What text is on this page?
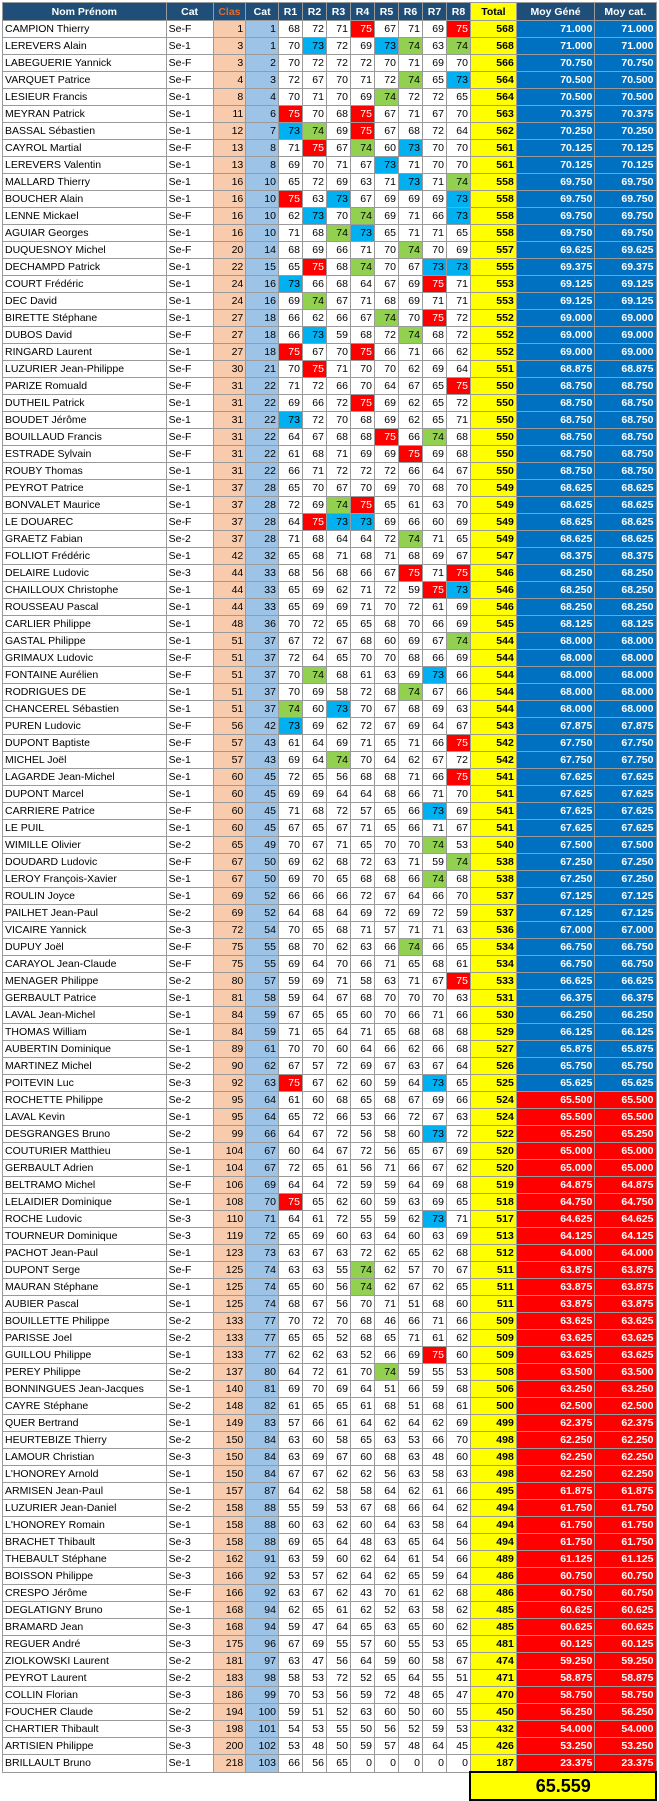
Nom Prénom	Cat	Clas	Cat	R1	R2	R3	R4	R5	R6	R7	R8	Total	Moy Géné	Moy cat.
CAMPION Thierry	Se-F	1	1	68	72	71	75	67	71	69	75	568	71.000	71.000
LEREVERS Alain	Se-1	3	1	70	73	72	69	73	74	63	74	568	71.000	71.000
LABEGUERIE Yannick	Se-F	3	2	70	72	72	72	70	71	69	70	566	70.750	70.750
VARQUET Patrice	Se-F	4	3	72	67	70	71	72	74	65	73	564	70.500	70.500
LESIEUR Francis	Se-1	8	4	70	71	70	69	74	72	72	65	564	70.500	70.500
MEYRAN Patrick	Se-1	11	6	75	70	68	75	67	71	67	70	563	70.375	70.375
BASSAL Sébastien	Se-1	12	7	73	74	69	75	67	68	72	64	562	70.250	70.250
CAYROL Martial	Se-F	13	8	71	75	67	74	60	73	70	70	561	70.125	70.125
LEREVERS Valentin	Se-1	13	8	69	70	71	67	73	71	70	70	561	70.125	70.125
MALLARD Thierry	Se-1	16	10	65	72	69	63	71	73	71	74	558	69.750	69.750
BOUCHER Alain	Se-1	16	10	75	63	73	67	69	69	69	73	558	69.750	69.750
LENNE Mickael	Se-F	16	10	62	73	70	74	69	71	66	73	558	69.750	69.750
AGUIAR Georges	Se-1	16	10	71	68	74	73	65	71	71	65	558	69.750	69.750
DUQUESNOY Michel	Se-F	20	14	68	69	66	71	70	74	70	69	557	69.625	69.625
DECHAMPD Patrick	Se-1	22	15	65	75	68	74	70	67	73	73	555	69.375	69.375
COURT Frédéric	Se-1	24	16	73	66	68	64	67	69	75	71	553	69.125	69.125
DEC David	Se-1	24	16	69	74	67	71	68	69	71	71	553	69.125	69.125
BIRETTE Stéphane	Se-1	27	18	66	62	66	67	74	70	75	72	552	69.000	69.000
DUBOS David	Se-F	27	18	66	73	59	68	72	74	68	72	552	69.000	69.000
RINGARD Laurent	Se-1	27	18	75	67	70	75	66	71	66	62	552	69.000	69.000
LUZURIER Jean-Philippe	Se-F	30	21	70	75	71	70	70	62	69	64	551	68.875	68.875
PARIZE Romuald	Se-F	31	22	71	72	66	70	64	67	65	75	550	68.750	68.750
DUTHEIL Patrick	Se-1	31	22	69	66	72	75	69	62	65	72	550	68.750	68.750
BOUDET Jérôme	Se-1	31	22	73	72	70	68	69	62	65	71	550	68.750	68.750
BOUILLAUD Francis	Se-F	31	22	64	67	68	68	75	66	74	68	550	68.750	68.750
ESTRADE Sylvain	Se-F	31	22	61	68	71	69	69	75	69	68	550	68.750	68.750
ROUBY Thomas	Se-1	31	22	66	71	72	72	72	66	64	67	550	68.750	68.750
PEYROT Patrice	Se-1	37	28	65	70	67	70	69	70	68	70	549	68.625	68.625
BONVALET Maurice	Se-1	37	28	72	69	74	75	65	61	63	70	549	68.625	68.625
LE DOUAREC	Se-F	37	28	64	75	73	73	69	66	60	69	549	68.625	68.625
GRAETZ Fabian	Se-2	37	28	71	68	64	64	72	74	71	65	549	68.625	68.625
FOLLIOT Frédéric	Se-1	42	32	65	68	71	68	71	68	69	67	547	68.375	68.375
DELAIRE Ludovic	Se-3	44	33	68	56	68	66	67	75	71	75	546	68.250	68.250
CHAILLOUX Christophe	Se-1	44	33	65	69	62	71	72	59	75	73	546	68.250	68.250
ROUSSEAU Pascal	Se-1	44	33	65	69	69	71	70	72	61	69	546	68.250	68.250
CARLIER Philippe	Se-1	48	36	70	72	65	65	68	70	66	69	545	68.125	68.125
GASTAL Philippe	Se-1	51	37	67	72	67	68	60	69	67	74	544	68.000	68.000
GRIMAUX Ludovic	Se-F	51	37	72	64	65	70	70	68	66	69	544	68.000	68.000
FONTAINE Aurélien	Se-F	51	37	70	74	68	61	63	69	73	66	544	68.000	68.000
RODRIGUES DE	Se-1	51	37	70	69	58	72	68	74	67	66	544	68.000	68.000
CHANCEREL Sébastien	Se-1	51	37	74	60	73	70	67	68	69	63	544	68.000	68.000
PUREN Ludovic	Se-F	56	42	73	69	62	72	67	69	64	67	543	67.875	67.875
DUPONT Baptiste	Se-F	57	43	61	64	69	71	65	71	66	75	542	67.750	67.750
MICHEL Joël	Se-1	57	43	69	64	74	70	64	62	67	72	542	67.750	67.750
LAGARDE Jean-Michel	Se-1	60	45	72	65	56	68	68	71	66	75	541	67.625	67.625
DUPONT Marcel	Se-1	60	45	69	69	64	64	68	66	71	70	541	67.625	67.625
CARRIERE Patrice	Se-F	60	45	71	68	72	57	65	66	73	69	541	67.625	67.625
LE PUIL	Se-1	60	45	67	65	67	71	65	66	71	67	541	67.625	67.625
WIMILLE Olivier	Se-2	65	49	70	67	71	65	70	70	74	53	540	67.500	67.500
DOUDARD Ludovic	Se-F	67	50	69	62	68	72	63	71	59	74	538	67.250	67.250
LEROY François-Xavier	Se-1	67	50	69	70	65	68	68	66	74	68	538	67.250	67.250
ROULIN Joyce	Se-1	69	52	66	66	66	72	67	64	66	70	537	67.125	67.125
PAILHET Jean-Paul	Se-2	69	52	64	68	64	69	72	69	72	59	537	67.125	67.125
VICAIRE Yannick	Se-3	72	54	70	65	68	71	57	71	71	63	536	67.000	67.000
DUPUY Joël	Se-F	75	55	68	70	62	63	66	74	66	65	534	66.750	66.750
CARAYOL Jean-Claude	Se-F	75	55	69	64	70	66	71	65	68	61	534	66.750	66.750
MENAGER Philippe	Se-2	80	57	59	69	71	58	63	71	67	75	533	66.625	66.625
GERBAULT Patrice	Se-1	81	58	59	64	67	68	70	70	70	63	531	66.375	66.375
LAVAL Jean-Michel	Se-1	84	59	67	65	65	60	70	66	71	66	530	66.250	66.250
THOMAS William	Se-1	84	59	71	65	64	71	65	68	68	68	529	66.125	66.125
AUBERTIN Dominique	Se-1	89	61	70	70	60	64	66	62	66	68	527	65.875	65.875
MARTINEZ Michel	Se-2	90	62	67	57	72	69	67	63	67	64	526	65.750	65.750
POITEVIN Luc	Se-3	92	63	75	67	62	60	59	64	73	65	525	65.625	65.625
ROCHETTE Philippe	Se-2	95	64	61	60	68	65	68	67	69	66	524	65.500	65.500
LAVAL Kevin	Se-1	95	64	65	72	66	53	66	72	67	63	524	65.500	65.500
DESGRANGES Bruno	Se-2	99	66	64	67	72	56	58	60	73	72	522	65.250	65.250
COUTURIER Matthieu	Se-1	104	67	60	64	67	72	56	65	67	69	520	65.000	65.000
GERBAULT Adrien	Se-1	104	67	72	65	61	56	71	66	67	62	520	65.000	65.000
BELTRAMO Michel	Se-F	106	69	64	64	72	59	59	64	69	68	519	64.875	64.875
LELAIDIER Dominique	Se-1	108	70	75	65	62	60	59	63	69	65	518	64.750	64.750
ROCHE Ludovic	Se-3	110	71	64	61	72	55	59	62	73	71	517	64.625	64.625
TOURNEUR Dominique	Se-3	119	72	65	69	60	63	64	60	63	69	513	64.125	64.125
PACHOT Jean-Paul	Se-1	123	73	63	67	63	72	62	65	62	68	512	64.000	64.000
DUPONT Serge	Se-F	125	74	63	63	55	74	62	57	70	67	511	63.875	63.875
MAURAN Stéphane	Se-1	125	74	65	60	56	74	62	67	62	65	511	63.875	63.875
AUBIER Pascal	Se-1	125	74	68	67	56	70	71	51	68	60	511	63.875	63.875
BOUILLETTE Philippe	Se-2	133	77	70	72	70	68	46	66	71	66	509	63.625	63.625
PARISSE Joel	Se-2	133	77	65	65	52	68	65	71	61	62	509	63.625	63.625
GUILLOU Philippe	Se-1	133	77	62	62	63	52	66	69	75	60	509	63.625	63.625
PEREY Philippe	Se-2	137	80	64	72	61	70	74	59	55	53	508	63.500	63.500
BONNINGUES Jean-Jacques	Se-1	140	81	69	70	69	64	51	66	59	68	506	63.250	63.250
CAYRE Stéphane	Se-2	148	82	61	65	65	61	68	51	68	61	500	62.500	62.500
QUER Bertrand	Se-1	149	83	57	66	61	64	62	64	62	69	499	62.375	62.375
HEURTEBIZE Thierry	Se-2	150	84	63	60	58	65	63	53	66	70	498	62.250	62.250
LAMOUR Christian	Se-3	150	84	63	69	67	60	68	63	48	60	498	62.250	62.250
L'HONOREY Arnold	Se-1	150	84	67	67	62	62	56	63	58	63	498	62.250	62.250
ARMISEN Jean-Paul	Se-1	157	87	64	62	58	58	64	62	61	66	495	61.875	61.875
LUZURIER Jean-Daniel	Se-2	158	88	55	59	53	67	68	66	64	62	494	61.750	61.750
L'HONOREY Romain	Se-1	158	88	60	63	62	60	64	63	58	64	494	61.750	61.750
BRACHET Thibault	Se-3	158	88	69	65	64	48	63	65	64	56	494	61.750	61.750
THEBAULT Stéphane	Se-2	162	91	63	59	60	62	64	61	54	66	489	61.125	61.125
BOISSON Philippe	Se-3	166	92	53	57	62	64	62	65	59	64	486	60.750	60.750
CRESPO Jérôme	Se-F	166	92	63	67	62	43	70	61	62	68	486	60.750	60.750
DEGLATIGNY Bruno	Se-1	168	94	62	65	61	62	52	63	58	62	485	60.625	60.625
BRAMARD Jean	Se-3	168	94	59	47	64	65	63	65	60	62	485	60.625	60.625
REGUER André	Se-3	175	96	67	69	55	57	60	55	53	65	481	60.125	60.125
ZIOLKOWSKI Laurent	Se-2	181	97	63	47	56	64	59	60	58	67	474	59.250	59.250
PEYROT Laurent	Se-2	183	98	58	53	72	52	65	64	55	51	471	58.875	58.875
COLLIN Florian	Se-3	186	99	70	53	56	59	72	48	65	47	470	58.750	58.750
FOUCHER Claude	Se-2	194	100	59	51	52	63	60	50	60	55	450	56.250	56.250
CHARTIER Thibault	Se-3	198	101	54	53	55	50	56	52	59	53	432	54.000	54.000
ARTISIEN Philippe	Se-3	200	102	53	48	50	59	57	48	64	45	426	53.250	53.250
BRILLAULT Bruno	Se-1	218	103	66	56	65	0	0	0	0	0	187	23.375	23.375
												65.559		
